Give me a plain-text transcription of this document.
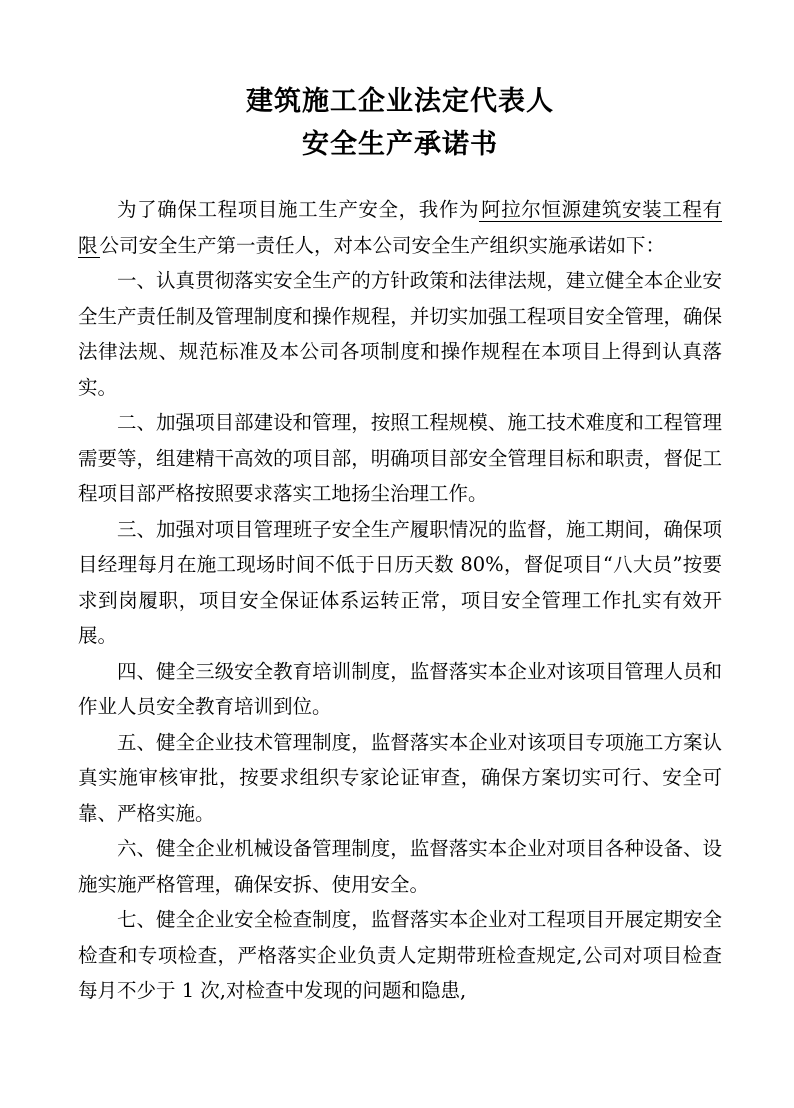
建筑施工企业法定代表人
安全生产承诺书

为了确保工程项目施工生产安全，我作为 阿拉尔恒源建筑安装工程有限 公司安全生产第一责任人，对本公司安全生产组织实施承诺如下：

一、认真贯彻落实安全生产的方针政策和法律法规，建立健全本企业安全生产责任制及管理制度和操作规程，并切实加强工程项目安全管理，确保法律法规、规范标准及本公司各项制度和操作规程在本项目上得到认真落实。

二、加强项目部建设和管理，按照工程规模、施工技术难度和工程管理需要等，组建精干高效的项目部，明确项目部安全管理目标和职责，督促工程项目部严格按照要求落实工地扬尘治理工作。

三、加强对项目管理班子安全生产履职情况的监督，施工期间，确保项目经理每月在施工现场时间不低于日历天数 80%，督促项目“八大员”按要求到岗履职，项目安全保证体系运转正常，项目安全管理工作扎实有效开展。

四、健全三级安全教育培训制度，监督落实本企业对该项目管理人员和作业人员安全教育培训到位。

五、健全企业技术管理制度，监督落实本企业对该项目专项施工方案认真实施审核审批，按要求组织专家论证审查，确保方案切实可行、安全可靠、严格实施。

六、健全企业机械设备管理制度，监督落实本企业对项目各种设备、设施实施严格管理，确保安拆、使用安全。

七、健全企业安全检查制度，监督落实本企业对工程项目开展定期安全检查和专项检查，严格落实企业负责人定期带班检查规定,公司对项目检查每月不少于 1 次,对检查中发现的问题和隐患,
